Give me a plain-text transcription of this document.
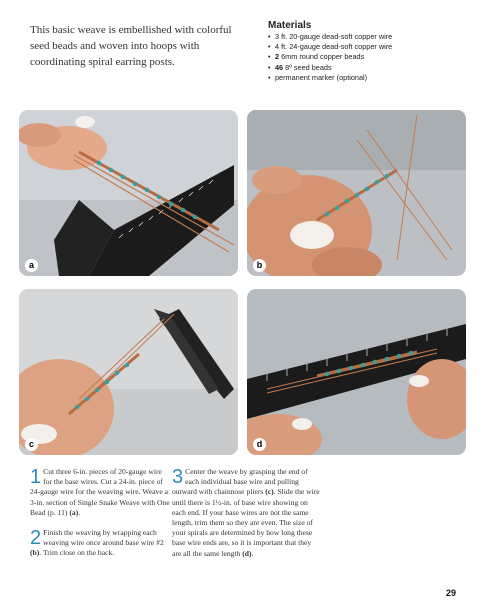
This basic weave is embellished with colorful seed beads and woven into hoops with coordinating spiral earring posts.
Materials
• 3 ft. 20-gauge dead-soft copper wire
• 4 ft. 24-gauge dead-soft copper wire
• 2 6mm round copper beads
• 46 8º seed beads
• permanent marker (optional)
a	b
c	d
1 Cut three 6-in. pieces of 20-gauge wire for the base wires. Cut a 24-in. piece of 24-gauge wire for the weaving wire. Weave a 3-in. section of Single Snake Weave with One Bead (p. 11) (a).
2 Finish the weaving by wrapping each weaving wire once around base wire #2 (b). Trim close on the back.
3 Center the weave by grasping the end of each individual base wire and pulling outward with chainnose pliers (c). Slide the wire until there is 1½-in. of base wire showing on each end. If your base wires are not the same length, trim them so they are even. The size of your spirals are determined by how long these base wire ends are, so it is important that they are all the same length (d).
29
